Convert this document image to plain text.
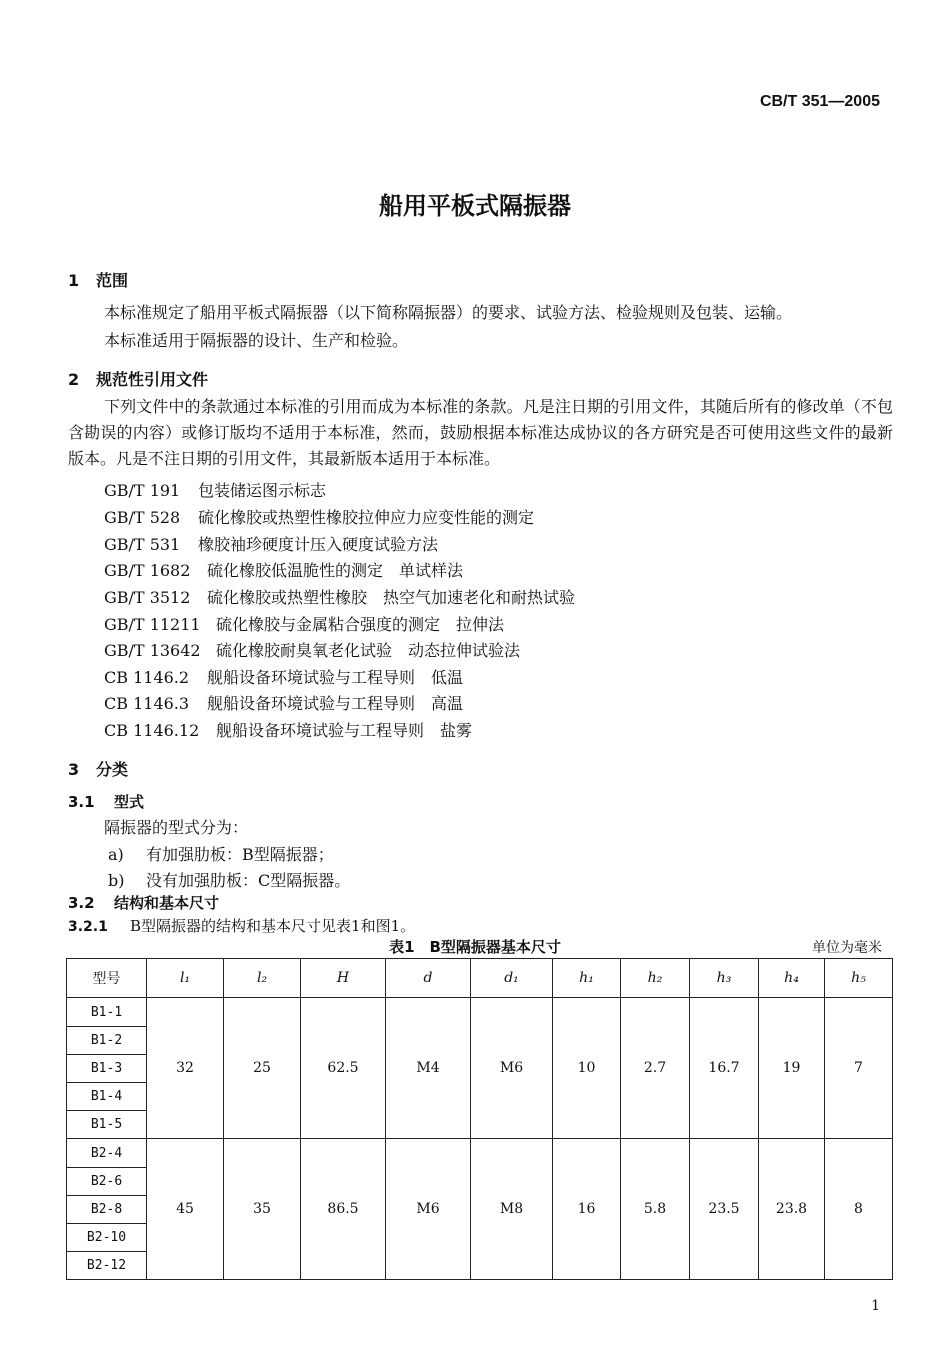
CB/T 351—2005
船用平板式隔振器
1 范围
本标准规定了船用平板式隔振器（以下简称隔振器）的要求、试验方法、检验规则及包装、运输。
本标准适用于隔振器的设计、生产和检验。
2 规范性引用文件
下列文件中的条款通过本标准的引用而成为本标准的条款。凡是注日期的引用文件，其随后所有的修改单（不包含勘误的内容）或修订版均不适用于本标准，然而，鼓励根据本标准达成协议的各方研究是否可使用这些文件的最新版本。凡是不注日期的引用文件，其最新版本适用于本标准。
GB/T 191 包装储运图示标志
GB/T 528 硫化橡胶或热塑性橡胶拉伸应力应变性能的测定
GB/T 531 橡胶袖珍硬度计压入硬度试验方法
GB/T 1682 硫化橡胶低温脆性的测定　单试样法
GB/T 3512 硫化橡胶或热塑性橡胶　热空气加速老化和耐热试验
GB/T 11211 硫化橡胶与金属粘合强度的测定　拉伸法
GB/T 13642 硫化橡胶耐臭氧老化试验　动态拉伸试验法
CB 1146.2 舰船设备环境试验与工程导则　低温
CB 1146.3 舰船设备环境试验与工程导则　高温
CB 1146.12 舰船设备环境试验与工程导则　盐雾
3 分类
3.1 型式
隔振器的型式分为：
a) 有加强肋板：B型隔振器；
b) 没有加强肋板：C型隔振器。
3.2 结构和基本尺寸
3.2.1 B型隔振器的结构和基本尺寸见表1和图1。
表1　B型隔振器基本尺寸	单位为毫米
型号	l₁	l₂	H	d	d₁	h₁	h₂	h₃	h₄	h₅
B1-1	32	25	62.5	M4	M6	10	2.7	16.7	19	7
B1-2										
B1-3										
B1-4										
B1-5										
B2-4	45	35	86.5	M6	M8	16	5.8	23.5	23.8	8
B2-6										
B2-8										
B2-10										
B2-12										
1
